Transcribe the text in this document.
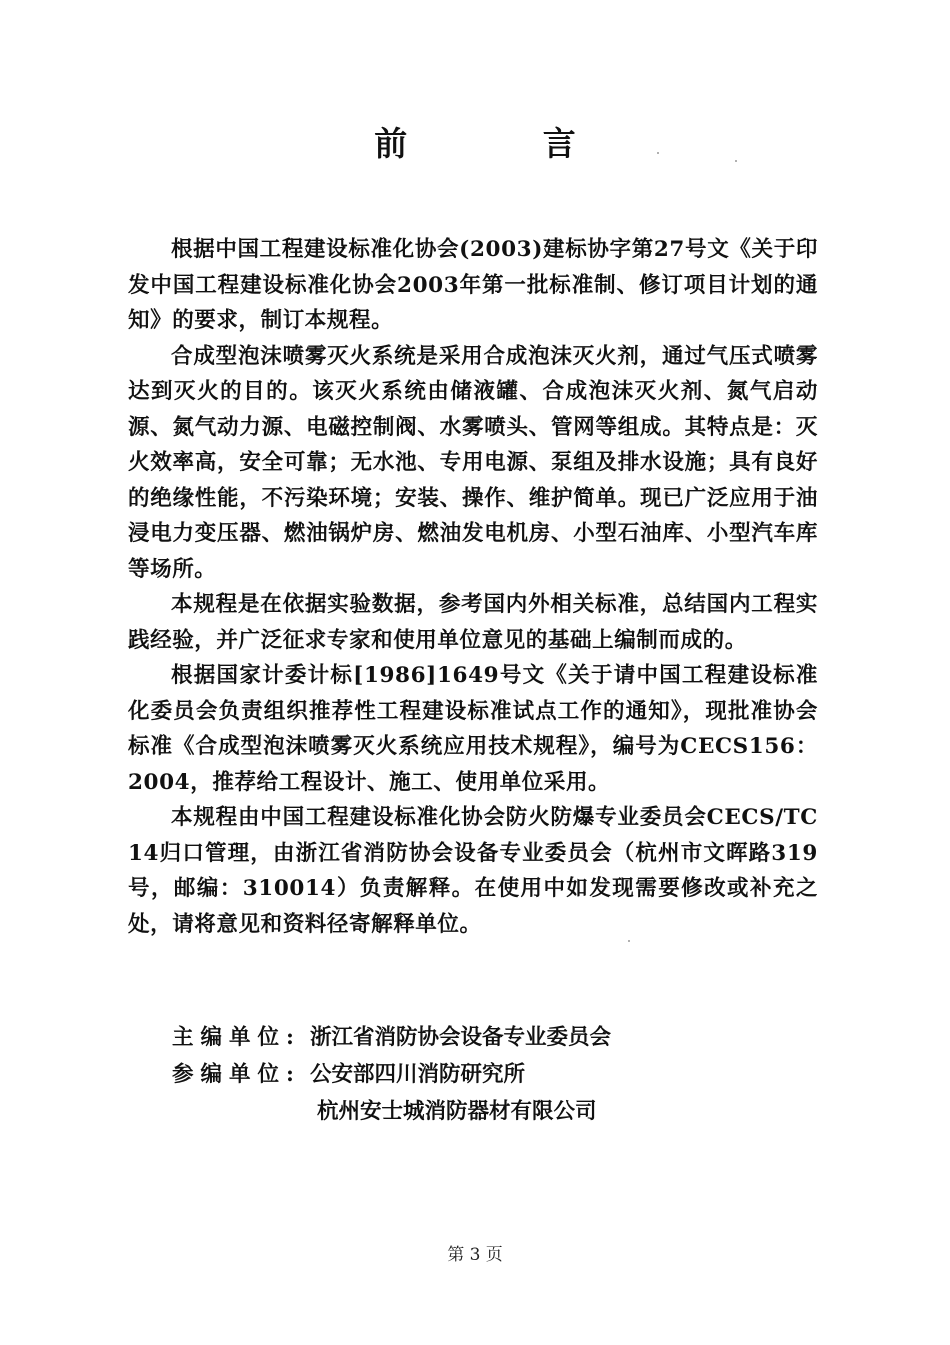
前 言

根据中国工程建设标准化协会(2003)建标协字第27号文《关于印发中国工程建设标准化协会2003年第一批标准制、修订项目计划的通知》的要求，制订本规程。

合成型泡沫喷雾灭火系统是采用合成泡沫灭火剂，通过气压式喷雾达到灭火的目的。该灭火系统由储液罐、合成泡沫灭火剂、氮气启动源、氮气动力源、电磁控制阀、水雾喷头、管网等组成。其特点是：灭火效率高，安全可靠；无水池、专用电源、泵组及排水设施；具有良好的绝缘性能，不污染环境；安装、操作、维护简单。现已广泛应用于油浸电力变压器、燃油锅炉房、燃油发电机房、小型石油库、小型汽车库等场所。

本规程是在依据实验数据，参考国内外相关标准，总结国内工程实践经验，并广泛征求专家和使用单位意见的基础上编制而成的。

根据国家计委计标[1986]1649号文《关于请中国工程建设标准化委员会负责组织推荐性工程建设标准试点工作的通知》，现批准协会标准《合成型泡沫喷雾灭火系统应用技术规程》，编号为CECS156：2004，推荐给工程设计、施工、使用单位采用。

本规程由中国工程建设标准化协会防火防爆专业委员会CECS/TC 14归口管理，由浙江省消防协会设备专业委员会（杭州市文晖路319号，邮编：310014）负责解释。在使用中如发现需要修改或补充之处，请将意见和资料径寄解释单位。

主编单位: 浙江省消防协会设备专业委员会
参编单位: 公安部四川消防研究所
杭州安士城消防器材有限公司
第 3 页
